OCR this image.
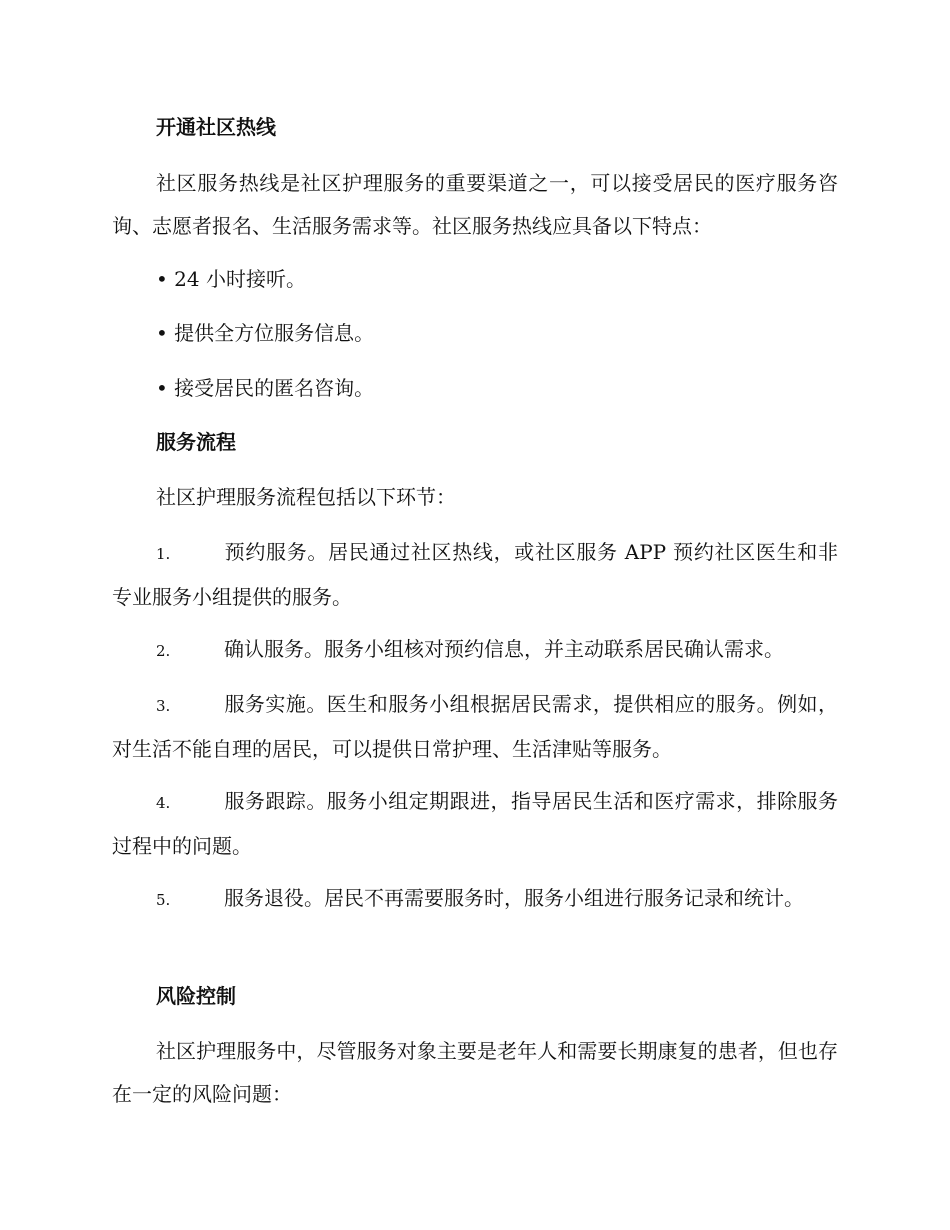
开通社区热线

社区服务热线是社区护理服务的重要渠道之一，可以接受居民的医疗服务咨询、志愿者报名、生活服务需求等。社区服务热线应具备以下特点：

• 24 小时接听。
• 提供全方位服务信息。
• 接受居民的匿名咨询。
服务流程

社区护理服务流程包括以下环节：

1.	预约服务。居民通过社区热线，或社区服务 APP 预约社区医生和非专业服务小组提供的服务。

2.	确认服务。服务小组核对预约信息，并主动联系居民确认需求。

3.	服务实施。医生和服务小组根据居民需求，提供相应的服务。例如，对生活不能自理的居民，可以提供日常护理、生活津贴等服务。

4.	服务跟踪。服务小组定期跟进，指导居民生活和医疗需求，排除服务过程中的问题。

5.	服务退役。居民不再需要服务时，服务小组进行服务记录和统计。

风险控制

社区护理服务中，尽管服务对象主要是老年人和需要长期康复的患者，但也存在一定的风险问题：
